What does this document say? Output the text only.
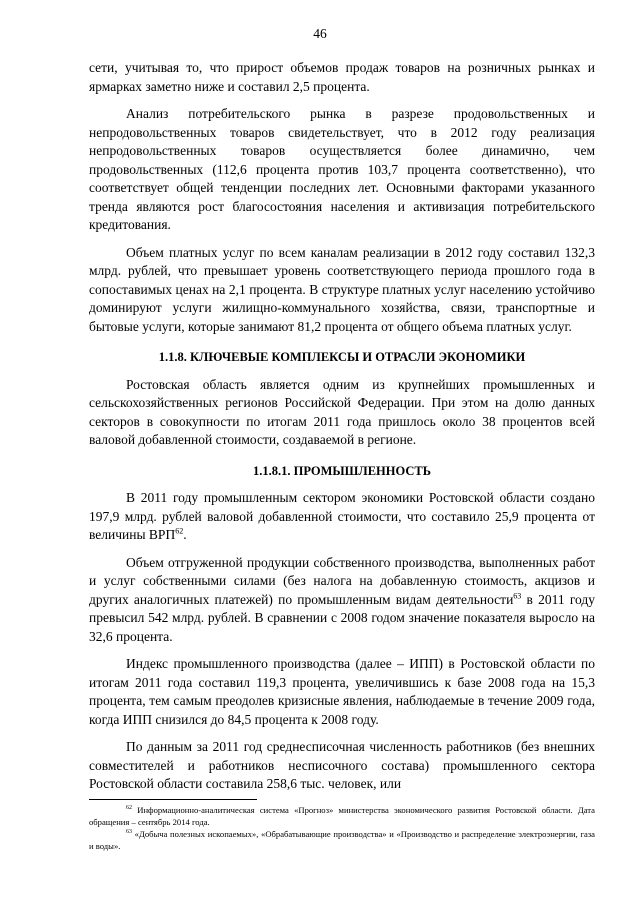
46

сети, учитывая то, что прирост объемов продаж товаров на розничных рынках и ярмарках заметно ниже и составил 2,5 процента.

Анализ потребительского рынка в разрезе продовольственных и непродовольственных товаров свидетельствует, что в 2012 году реализация непродовольственных товаров осуществляется более динамично, чем продовольственных (112,6 процента против 103,7 процента соответственно), что соответствует общей тенденции последних лет. Основными факторами указанного тренда являются рост благосостояния населения и активизация потребительского кредитования.

Объем платных услуг по всем каналам реализации в 2012 году составил 132,3 млрд. рублей, что превышает уровень соответствующего периода прошлого года в сопоставимых ценах на 2,1 процента. В структуре платных услуг населению устойчиво доминируют услуги жилищно-коммунального хозяйства, связи, транспортные и бытовые услуги, которые занимают 81,2 процента от общего объема платных услуг.

1.1.8. КЛЮЧЕВЫЕ КОМПЛЕКСЫ И ОТРАСЛИ ЭКОНОМИКИ

Ростовская область является одним из крупнейших промышленных и сельскохозяйственных регионов Российской Федерации. При этом на долю данных секторов в совокупности по итогам 2011 года пришлось около 38 процентов всей валовой добавленной стоимости, создаваемой в регионе.

1.1.8.1. ПРОМЫШЛЕННОСТЬ

В 2011 году промышленным сектором экономики Ростовской области создано 197,9 млрд. рублей валовой добавленной стоимости, что составило 25,9 процента от величины ВРП$^{62}$.

Объем отгруженной продукции собственного производства, выполненных работ и услуг собственными силами (без налога на добавленную стоимость, акцизов и других аналогичных платежей) по промышленным видам деятельности$^{63}$ в 2011 году превысил 542 млрд. рублей. В сравнении с 2008 годом значение показателя выросло на 32,6 процента.

Индекс промышленного производства (далее – ИПП) в Ростовской области по итогам 2011 года составил 119,3 процента, увеличившись к базе 2008 года на 15,3 процента, тем самым преодолев кризисные явления, наблюдаемые в течение 2009 года, когда ИПП снизился до 84,5 процента к 2008 году.

По данным за 2011 год среднесписочная численность работников (без внешних совместителей и работников несписочного состава) промышленного сектора Ростовской области составила 258,6 тыс. человек, или

$^{62}$ Информационно-аналитическая система «Прогноз» министерства экономического развития Ростовской области. Дата обращения – сентябрь 2014 года.

$^{63}$ «Добыча полезных ископаемых», «Обрабатывающие производства» и «Производство и распределение электроэнергии, газа и воды».
